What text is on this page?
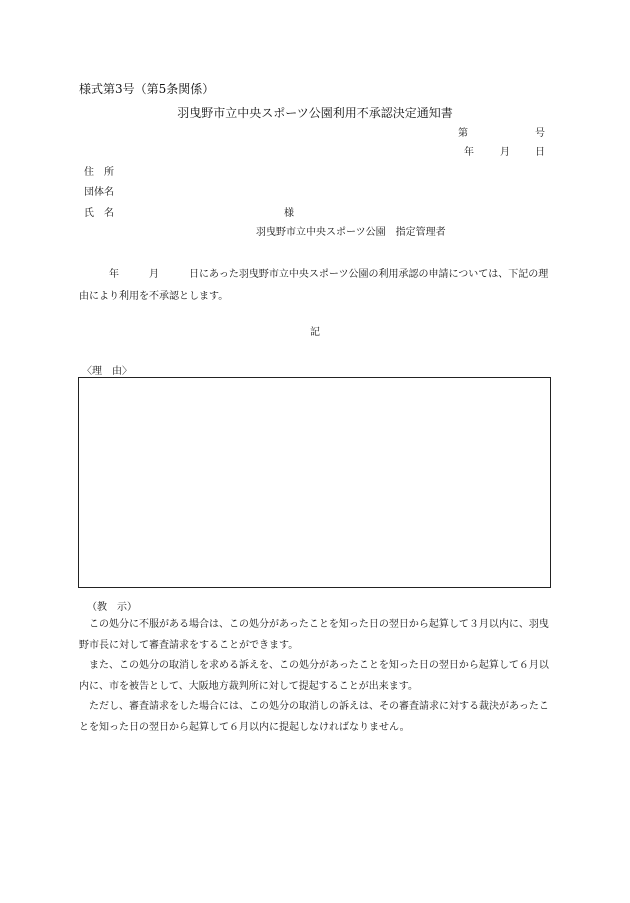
様式第3号（第5条関係）
羽曳野市立中央スポーツ公園利用不承認決定通知書
第	号
年	月	日
住　所
団体名
氏　名	様
羽曳野市立中央スポーツ公園　指定管理者
　　　年　　　月　　　日にあった羽曳野市立中央スポーツ公園の利用承認の申請については、下記の理由により利用を不承認とします。
記
〈理　由〉
（教　示）

この処分に不服がある場合は、この処分があったことを知った日の翌日から起算して３月以内に、羽曳野市長に対して審査請求をすることができます。

また、この処分の取消しを求める訴えを、この処分があったことを知った日の翌日から起算して６月以内に、市を被告として、大阪地方裁判所に対して提起することが出来ます。

ただし、審査請求をした場合には、この処分の取消しの訴えは、その審査請求に対する裁決があったことを知った日の翌日から起算して６月以内に提起しなければなりません。
